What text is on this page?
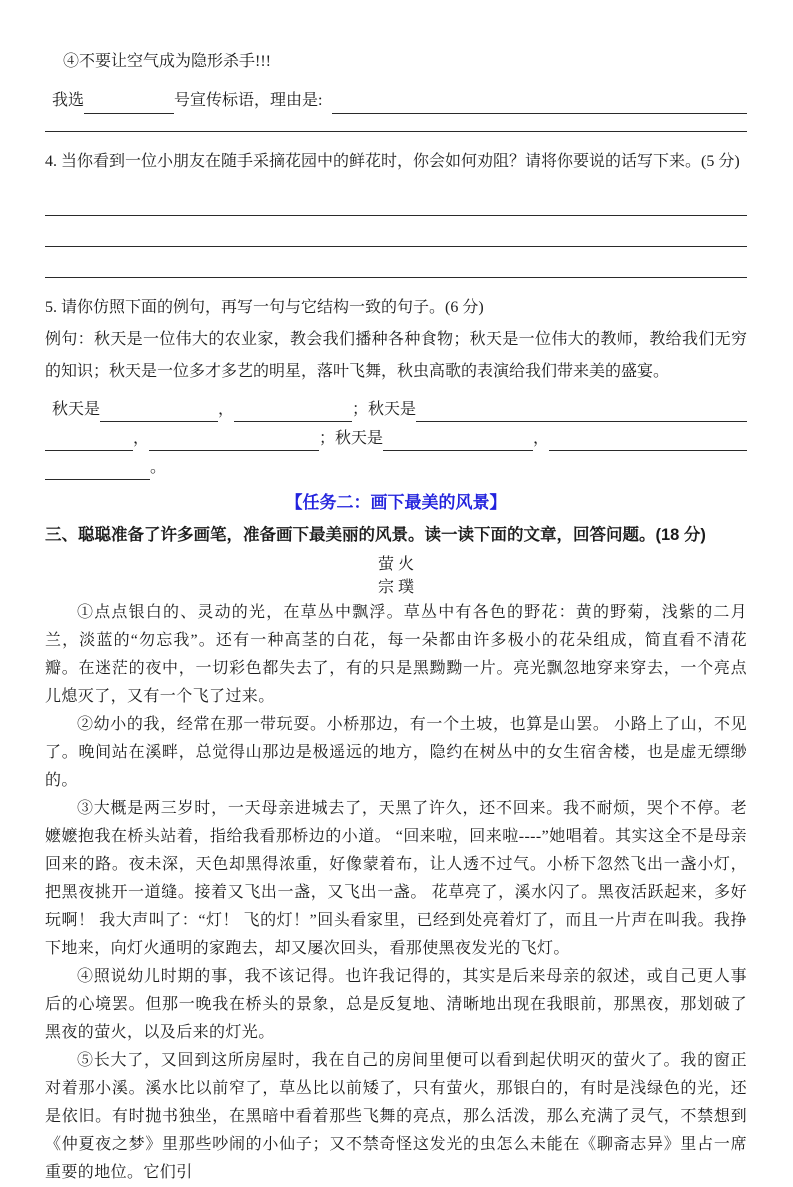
④不要让空气成为隐形杀手!!!
我选	号宣传标语，理由是:
4. 当你看到一位小朋友在随手采摘花园中的鲜花时，你会如何劝阻？请将你要说的话写下来。(5 分)
5. 请你仿照下面的例句，再写一句与它结构一致的句子。(6 分)
例句：秋天是一位伟大的农业家，教会我们播种各种食物；秋天是一位伟大的教师，教给我们无穷的知识；秋天是一位多才多艺的明星，落叶飞舞，秋虫高歌的表演给我们带来美的盛宴。
秋天是	，	；秋天是
，	；秋天是	，
。
【任务二：画下最美的风景】
三、聪聪准备了许多画笔，准备画下最美丽的风景。读一读下面的文章，回答问题。(18 分)
萤 火
宗 璞

①点点银白的、灵动的光，在草丛中飘浮。草丛中有各色的野花：黄的野菊，浅紫的二月兰，淡蓝的“勿忘我”。还有一种高茎的白花，每一朵都由许多极小的花朵组成，简直看不清花瓣。在迷茫的夜中，一切彩色都失去了，有的只是黑黝黝一片。亮光飘忽地穿来穿去，一个亮点儿熄灭了，又有一个飞了过来。

②幼小的我，经常在那一带玩耍。小桥那边，有一个土坡，也算是山罢。 小路上了山，不见了。晚间站在溪畔，总觉得山那边是极遥远的地方，隐约在树丛中的女生宿舍楼，也是虚无缥缈的。

③大概是两三岁时，一天母亲进城去了，天黑了许久，还不回来。我不耐烦，哭个不停。老嬷嬷抱我在桥头站着，指给我看那桥边的小道。 “回来啦，回来啦----”她唱着。其实这全不是母亲回来的路。夜未深，天色却黑得浓重，好像蒙着布，让人透不过气。小桥下忽然飞出一盏小灯，把黑夜挑开一道缝。接着又飞出一盏，又飞出一盏。 花草亮了，溪水闪了。黑夜活跃起来，多好玩啊！ 我大声叫了：“灯！ 飞的灯！”回头看家里，已经到处亮着灯了，而且一片声在叫我。我挣下地来，向灯火通明的家跑去，却又屡次回头，看那使黑夜发光的飞灯。

④照说幼儿时期的事，我不该记得。也许我记得的，其实是后来母亲的叙述，或自己更人事后的心境罢。但那一晚我在桥头的景象，总是反复地、清晰地出现在我眼前，那黑夜，那划破了黑夜的萤火，以及后来的灯光。

⑤长大了，又回到这所房屋时，我在自己的房间里便可以看到起伏明灭的萤火了。我的窗正对着那小溪。溪水比以前窄了，草丛比以前矮了，只有萤火，那银白的，有时是浅绿色的光，还是依旧。有时抛书独坐，在黑暗中看着那些飞舞的亮点，那么活泼，那么充满了灵气，不禁想到《仲夏夜之梦》里那些吵闹的小仙子；又不禁奇怪这发光的虫怎么未能在《聊斋志异》里占一席重要的地位。它们引
